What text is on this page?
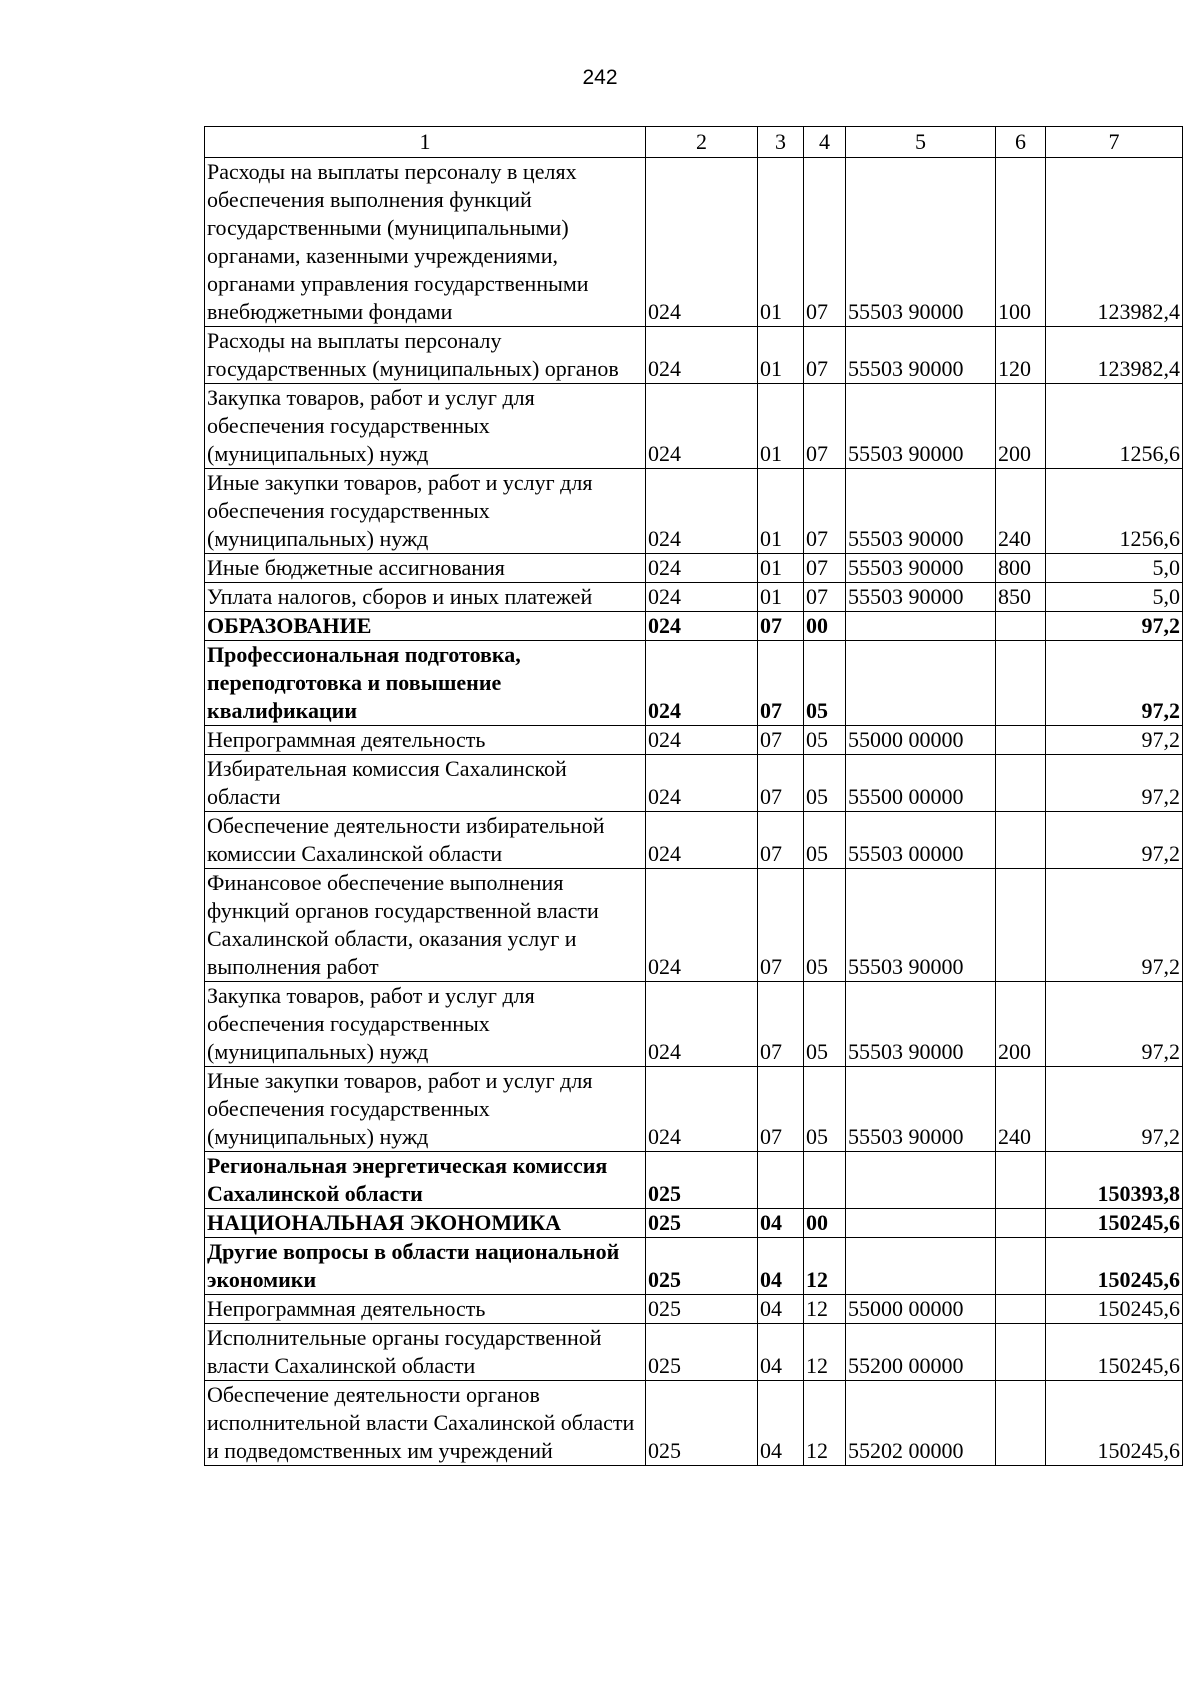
242
1	2	3	4	5	6	7
Расходы на выплаты персоналу в целях обеспечения выполнения функций государственными (муниципальными) органами, казенными учреждениями, органами управления государственными внебюджетными фондами	024	01	07	55503 90000	100	123982,4
Расходы на выплаты персоналу государственных (муниципальных) органов	024	01	07	55503 90000	120	123982,4
Закупка товаров, работ и услуг для обеспечения государственных (муниципальных) нужд	024	01	07	55503 90000	200	1256,6
Иные закупки товаров, работ и услуг для обеспечения государственных (муниципальных) нужд	024	01	07	55503 90000	240	1256,6
Иные бюджетные ассигнования	024	01	07	55503 90000	800	5,0
Уплата налогов, сборов и иных платежей	024	01	07	55503 90000	850	5,0
ОБРАЗОВАНИЕ	024	07	00			97,2
Профессиональная подготовка, переподготовка и повышение квалификации	024	07	05			97,2
Непрограммная деятельность	024	07	05	55000 00000		97,2
Избирательная комиссия Сахалинской области	024	07	05	55500 00000		97,2
Обеспечение деятельности избирательной комиссии Сахалинской области	024	07	05	55503 00000		97,2
Финансовое обеспечение выполнения функций органов государственной власти Сахалинской области, оказания услуг и выполнения работ	024	07	05	55503 90000		97,2
Закупка товаров, работ и услуг для обеспечения государственных (муниципальных) нужд	024	07	05	55503 90000	200	97,2
Иные закупки товаров, работ и услуг для обеспечения государственных (муниципальных) нужд	024	07	05	55503 90000	240	97,2
Региональная энергетическая комиссия Сахалинской области	025					150393,8
НАЦИОНАЛЬНАЯ ЭКОНОМИКА	025	04	00			150245,6
Другие вопросы в области национальной экономики	025	04	12			150245,6
Непрограммная деятельность	025	04	12	55000 00000		150245,6
Исполнительные органы государственной власти Сахалинской области	025	04	12	55200 00000		150245,6
Обеспечение деятельности органов исполнительной власти Сахалинской области и подведомственных им учреждений	025	04	12	55202 00000		150245,6
